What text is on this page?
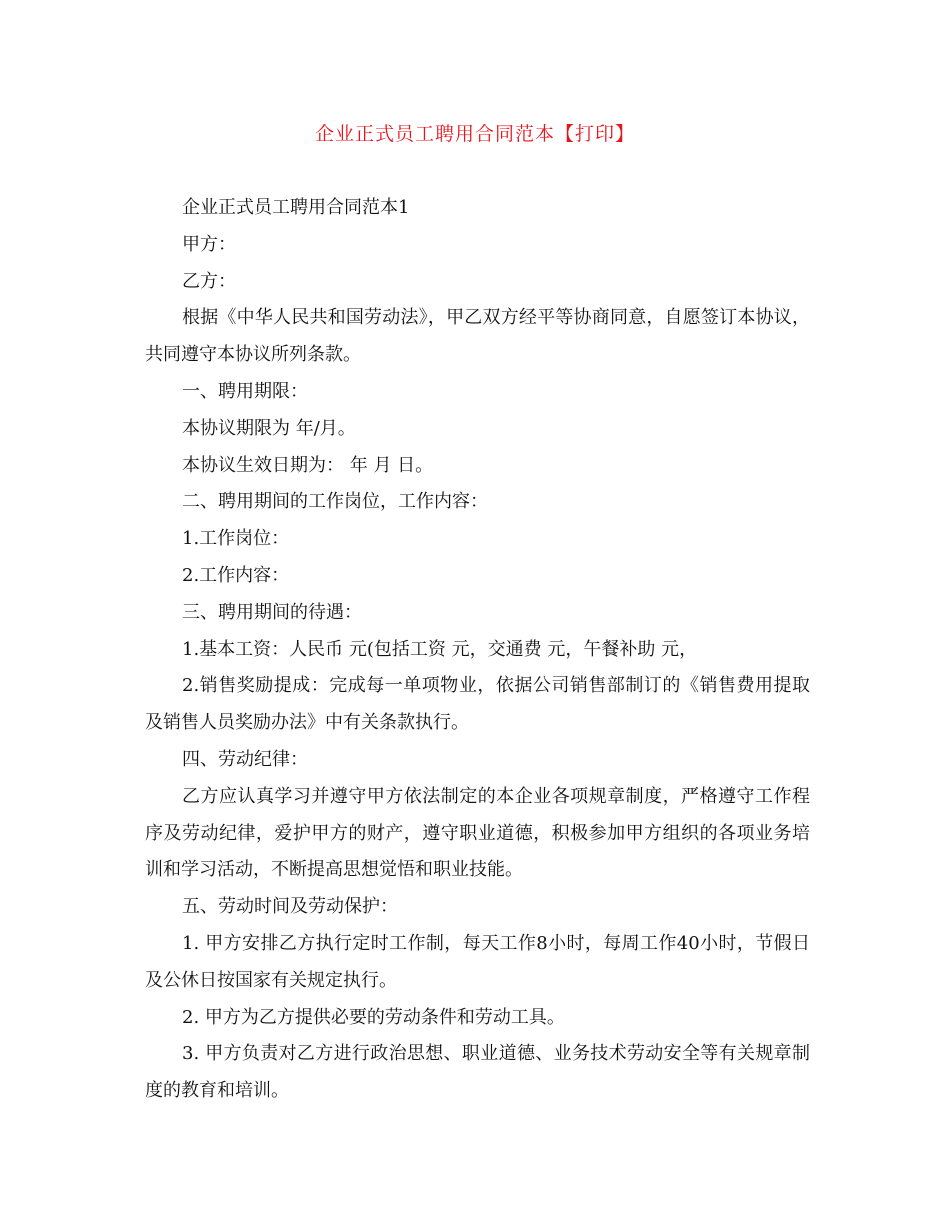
企业正式员工聘用合同范本【打印】

企业正式员工聘用合同范本1

甲方：

乙方：

根据《中华人民共和国劳动法》，甲乙双方经平等协商同意，自愿签订本协议，共同遵守本协议所列条款。

一、聘用期限：

本协议期限为 年/月。

本协议生效日期为： 年 月 日。

二、聘用期间的工作岗位，工作内容：

1.工作岗位：

2.工作内容：

三、聘用期间的待遇：

1.基本工资：人民币 元(包括工资 元，交通费 元，午餐补助 元，

2.销售奖励提成：完成每一单项物业，依据公司销售部制订的《销售费用提取及销售人员奖励办法》中有关条款执行。

四、劳动纪律：

乙方应认真学习并遵守甲方依法制定的本企业各项规章制度，严格遵守工作程序及劳动纪律，爱护甲方的财产，遵守职业道德，积极参加甲方组织的各项业务培训和学习活动，不断提高思想觉悟和职业技能。

五、劳动时间及劳动保护：

1. 甲方安排乙方执行定时工作制，每天工作8小时，每周工作40小时，节假日及公休日按国家有关规定执行。

2. 甲方为乙方提供必要的劳动条件和劳动工具。

3. 甲方负责对乙方进行政治思想、职业道德、业务技术劳动安全等有关规章制度的教育和培训。
